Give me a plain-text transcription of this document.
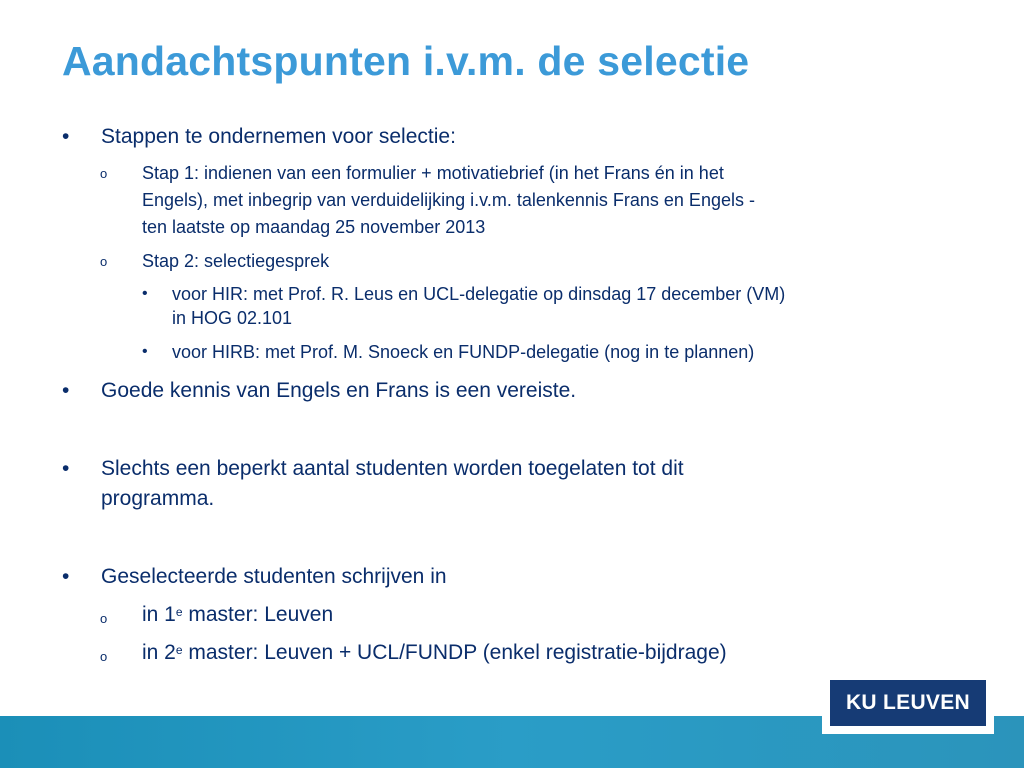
Aandachtspunten i.v.m. de selectie
• Stappen te ondernemen voor selectie:
o Stap 1: indienen van een formulier + motivatiebrief (in het Frans én in het
Engels), met inbegrip van verduidelijking i.v.m. talenkennis Frans en Engels -
ten laatste op maandag 25 november 2013
o Stap 2: selectiegesprek
• voor HIR: met Prof. R. Leus en UCL-delegatie op dinsdag 17 december (VM)
in HOG 02.101
• voor HIRB: met Prof. M. Snoeck en FUNDP-delegatie (nog in te plannen)
• Goede kennis van Engels en Frans is een vereiste.
• Slechts een beperkt aantal studenten worden toegelaten tot dit
programma.
• Geselecteerde studenten schrijven in
o in 1e master: Leuven
o in 2e master: Leuven + UCL/FUNDP (enkel registratie-bijdrage)
KU LEUVEN
